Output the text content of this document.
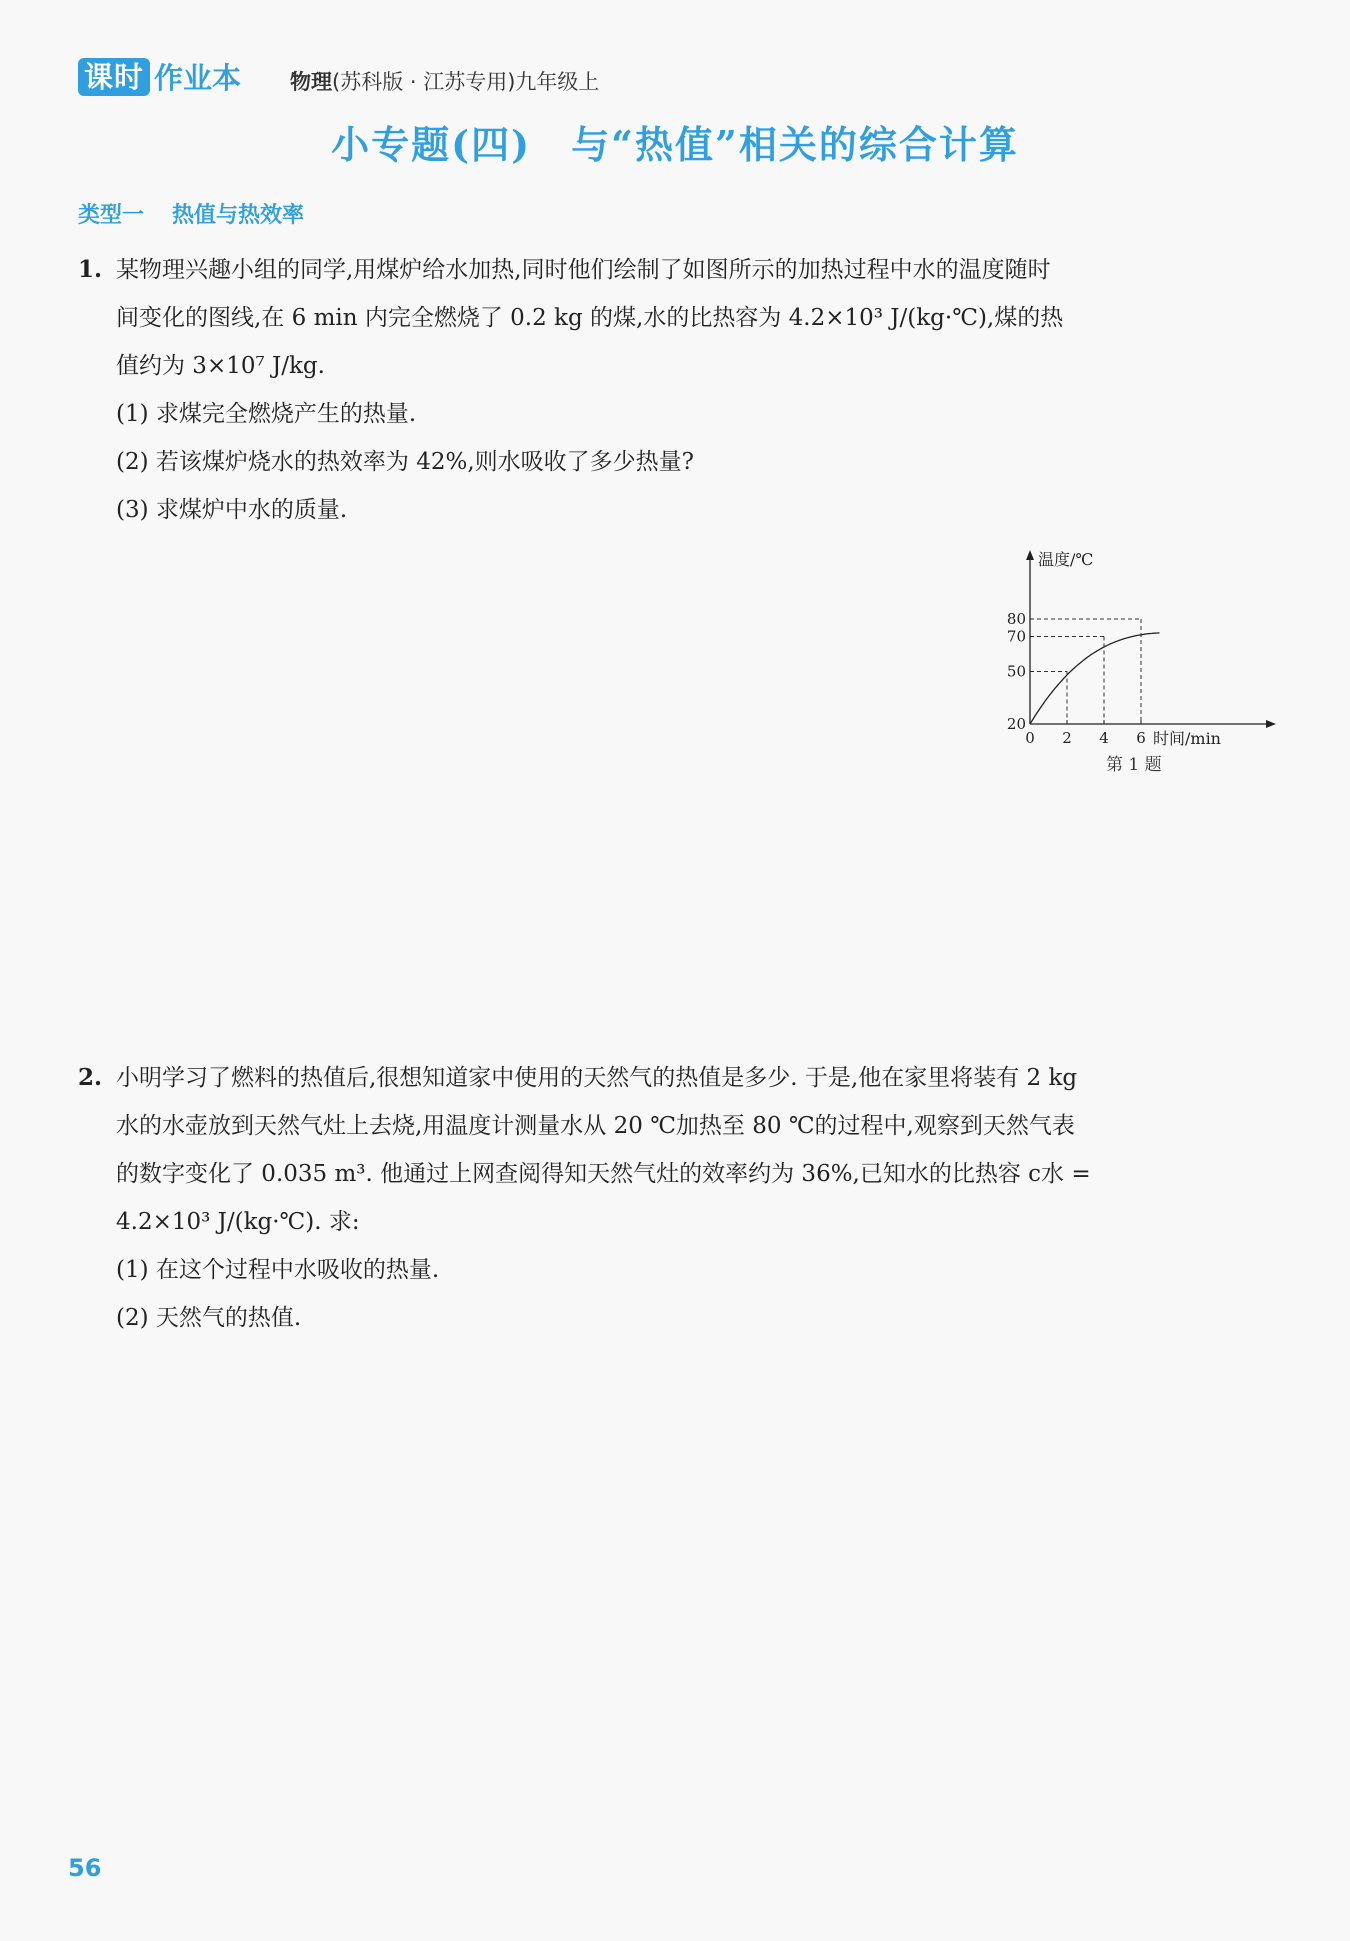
课时 作业本 物理(苏科版 · 江苏专用)九年级上
小专题(四)　与“热值”相关的综合计算
类型一 热值与热效率
1. 某物理兴趣小组的同学,用煤炉给水加热,同时他们绘制了如图所示的加热过程中水的温度随时
间变化的图线,在 6 min 内完全燃烧了 0.2 kg 的煤,水的比热容为 4.2×10³ J/(kg·℃),煤的热
值约为 3×10⁷ J/kg.
(1) 求煤完全燃烧产生的热量.
(2) 若该煤炉烧水的热效率为 42%,则水吸收了多少热量?
(3) 求煤炉中水的质量.
20
50
70
80
0 2 4 6
温度/℃
时间/min
第 1 题
2. 小明学习了燃料的热值后,很想知道家中使用的天然气的热值是多少. 于是,他在家里将装有 2 kg
水的水壶放到天然气灶上去烧,用温度计测量水从 20 ℃加热至 80 ℃的过程中,观察到天然气表
的数字变化了 0.035 m³. 他通过上网查阅得知天然气灶的效率约为 36%,已知水的比热容 c水 =
4.2×10³ J/(kg·℃). 求:
(1) 在这个过程中水吸收的热量.
(2) 天然气的热值.
56
